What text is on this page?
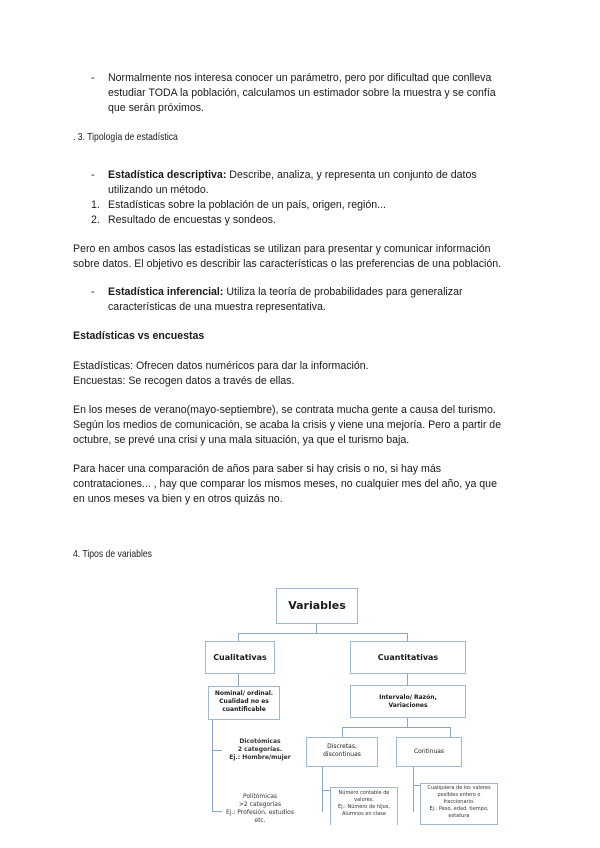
- Normalmente nos interesa conocer un parámetro, pero por dificultad que conlleva

estudiar TODA la población, calculamos un estimador sobre la muestra y se confía

que serán próximos.

. 3. Tipología de estadística

- Estadística descriptiva: Describe, analiza, y representa un conjunto de datos

utilizando un método.

1. Estadísticas sobre la población de un país, origen, región...

2. Resultado de encuestas y sondeos.

Pero en ambos casos las estadísticas se utilizan para presentar y comunicar información

sobre datos. El objetivo es describir las características o las preferencias de una población.

- Estadística inferencial: Utiliza la teoría de probabilidades para generalizar

características de una muestra representativa.

Estadísticas vs encuestas

Estadísticas: Ofrecen datos numéricos para dar la información.

Encuestas: Se recogen datos a través de ellas.

En los meses de verano(mayo-septiembre), se contrata mucha gente a causa del turismo.

Según los medios de comunicación, se acaba la crisis y viene una mejoría. Pero a partir de

octubre, se prevé una crisi y una mala situación, ya que el turismo baja.

Para hacer una comparación de años para saber si hay crisis o no, si hay más

contrataciones... , hay que comparar los mismos meses, no cualquier mes del año, ya que

en unos meses va bien y en otros quizás no.

4. Tipos de variables

Variables
Cualitativas	Cuantitativas
Nominal/ ordinal.
Cualidad no es
cuantificable
Intervalo/ Razón,
Variaciones
Dicotómicas
2 categorías.
Ej.: Hombre/mujer
Discretas,
discontinuas	Continuas
Politómicas
>2 categorías
Ej.: Profesión, estudios etc.
Número contable de
valores.
Ej.: Número de hijos,
Alumnos en clase
Cualquiera de los valores
posibles entero o
fraccionario.
Ej.: Peso, edad, tiempo,
estatura
